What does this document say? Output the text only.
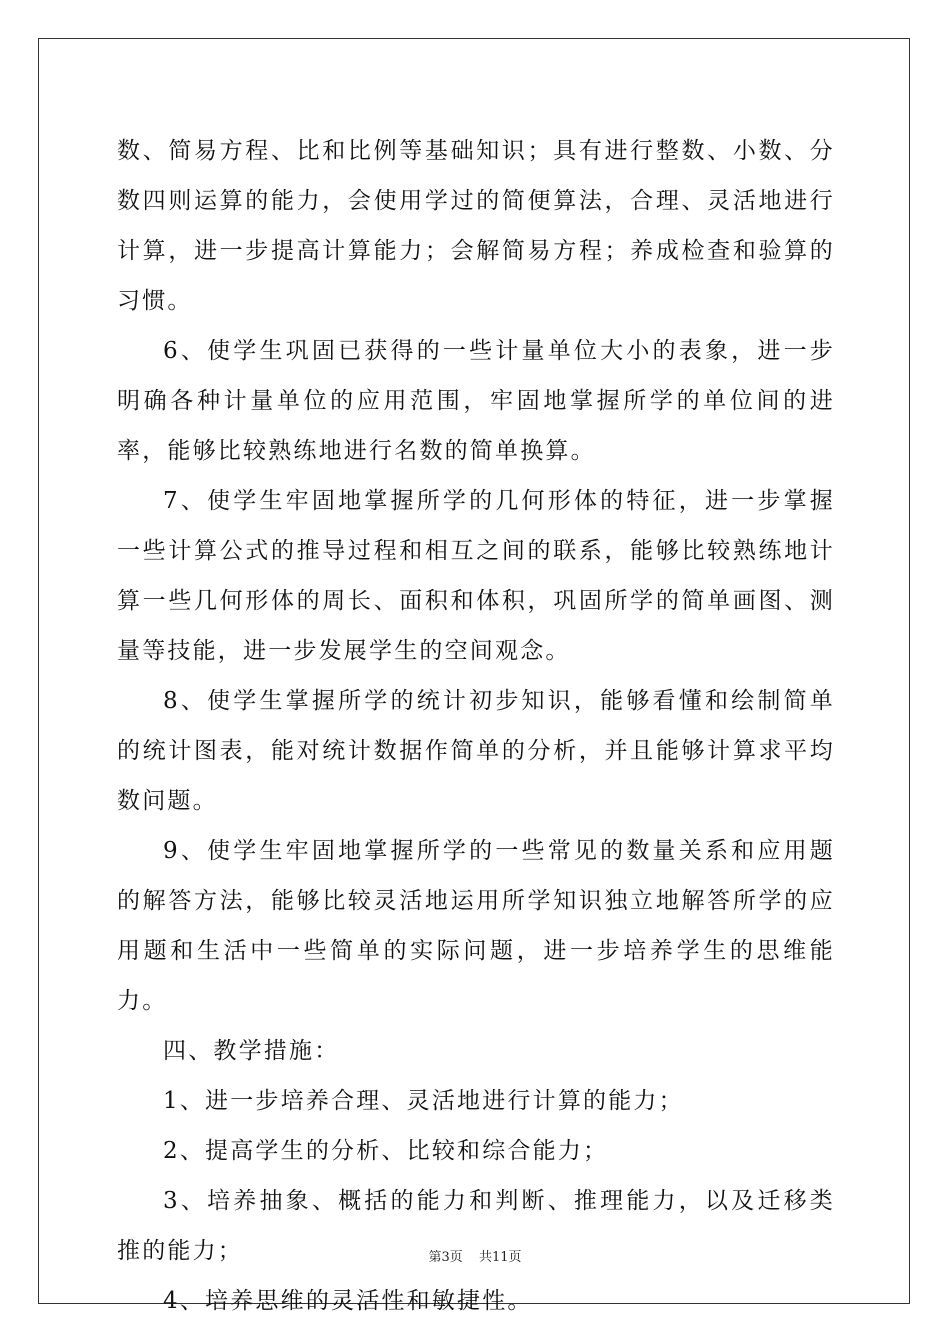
数、简易方程、比和比例等基础知识；具有进行整数、小数、分数四则运算的能力，会使用学过的简便算法，合理、灵活地进行计算，进一步提高计算能力；会解简易方程；养成检查和验算的习惯。

6、使学生巩固已获得的一些计量单位大小的表象，进一步明确各种计量单位的应用范围，牢固地掌握所学的单位间的进率，能够比较熟练地进行名数的简单换算。

7、使学生牢固地掌握所学的几何形体的特征，进一步掌握一些计算公式的推导过程和相互之间的联系，能够比较熟练地计算一些几何形体的周长、面积和体积，巩固所学的简单画图、测量等技能，进一步发展学生的空间观念。

8、使学生掌握所学的统计初步知识，能够看懂和绘制简单的统计图表，能对统计数据作简单的分析，并且能够计算求平均数问题。

9、使学生牢固地掌握所学的一些常见的数量关系和应用题的解答方法，能够比较灵活地运用所学知识独立地解答所学的应用题和生活中一些简单的实际问题，进一步培养学生的思维能力。

四、教学措施：

1、进一步培养合理、灵活地进行计算的能力；

2、提高学生的分析、比较和综合能力；

3、培养抽象、概括的能力和判断、推理能力，以及迁移类推的能力；

4、培养思维的灵活性和敏捷性。

第3页 共11页
